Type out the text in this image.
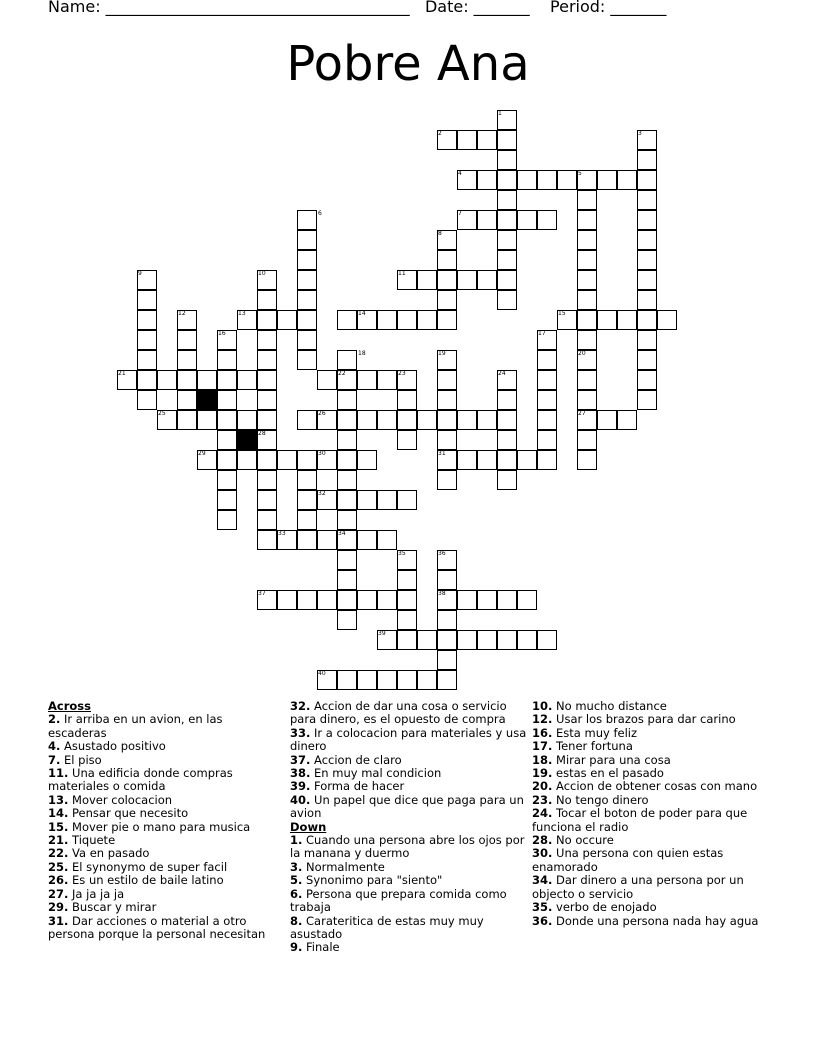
Name: ______________________________________ Date: _______ Period: _______
Pobre Ana
1
2	3
4	5
6	7
8
9	10	11
12	13	14	15
16	17
18	19	20
21	22	23	24
25	26	27
28
29	30	31
32
33	34
35	36
37	38
39
40

Across

2. Ir arriba en un avion, en las escaderas

4. Asustado positivo

7. El piso

11. Una edificia donde compras materiales o comida

13. Mover colocacion

14. Pensar que necesito

15. Mover pie o mano para musica

21. Tiquete

22. Va en pasado

25. El synonymo de super facil

26. Es un estilo de baile latino

27. Ja ja ja ja

29. Buscar y mirar

31. Dar acciones o material a otro persona porque la personal necesitan

32. Accion de dar una cosa o servicio para dinero, es el opuesto de compra

33. Ir a colocacion para materiales y usa dinero

37. Accion de claro

38. En muy mal condicion

39. Forma de hacer

40. Un papel que dice que paga para un avion

Down

1. Cuando una persona abre los ojos por la manana y duermo

3. Normalmente

5. Synonimo para "siento"

6. Persona que prepara comida como trabaja

8. Carateritica de estas muy muy asustado

9. Finale

10. No mucho distance

12. Usar los brazos para dar carino

16. Esta muy feliz

17. Tener fortuna

18. Mirar para una cosa

19. estas en el pasado

20. Accion de obtener cosas con mano

23. No tengo dinero

24. Tocar el boton de poder para que funciona el radio

28. No occure

30. Una persona con quien estas enamorado

34. Dar dinero a una persona por un objecto o servicio

35. verbo de enojado

36. Donde una persona nada hay agua
